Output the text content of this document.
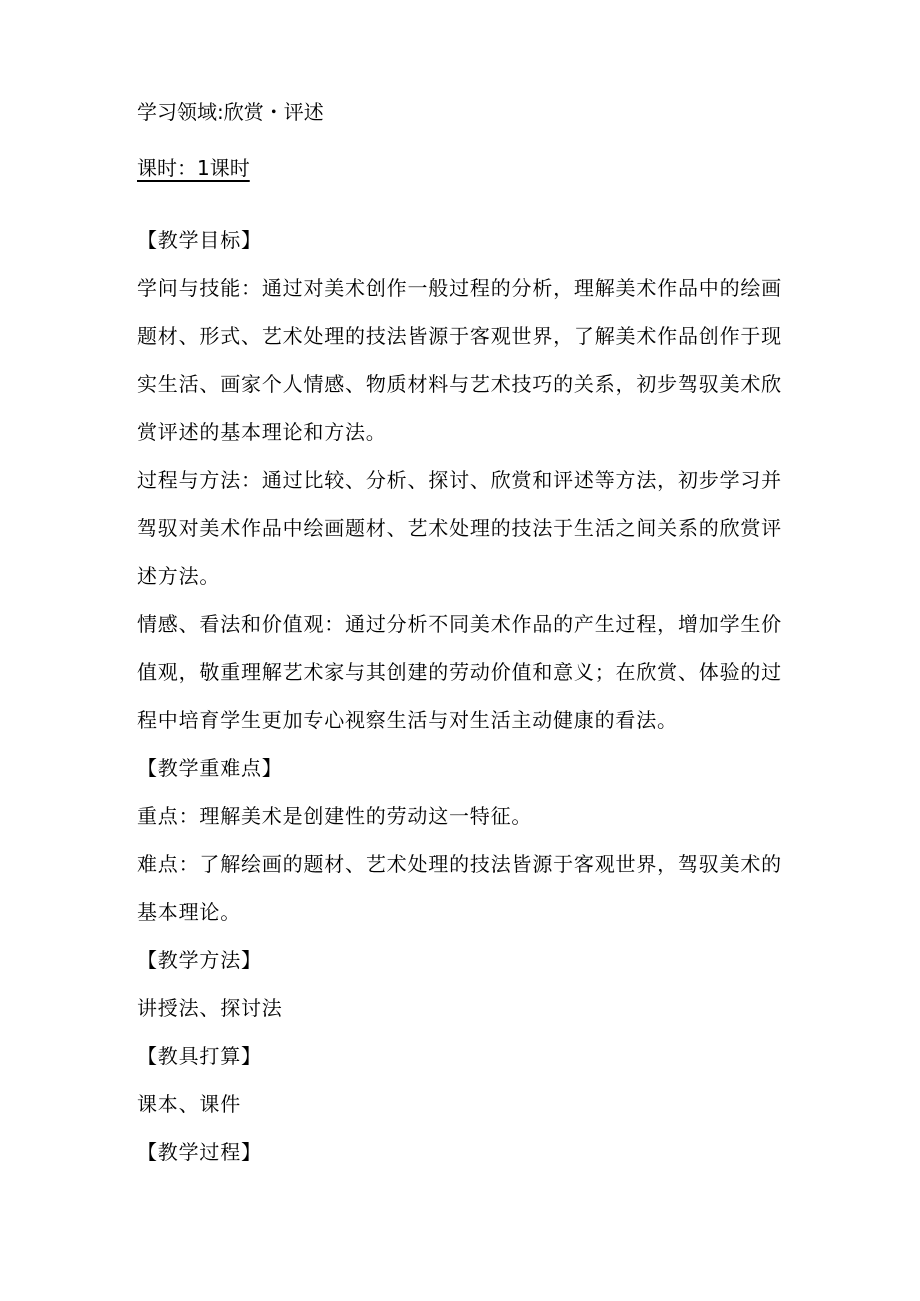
学习领域:欣赏・评述

课时：1课时

【教学目标】

学问与技能：通过对美术创作一般过程的分析，理解美术作品中的绘画题材、形式、艺术处理的技法皆源于客观世界，了解美术作品创作于现实生活、画家个人情感、物质材料与艺术技巧的关系，初步驾驭美术欣赏评述的基本理论和方法。

过程与方法：通过比较、分析、探讨、欣赏和评述等方法，初步学习并驾驭对美术作品中绘画题材、艺术处理的技法于生活之间关系的欣赏评述方法。

情感、看法和价值观：通过分析不同美术作品的产生过程，增加学生价值观，敬重理解艺术家与其创建的劳动价值和意义；在欣赏、体验的过程中培育学生更加专心视察生活与对生活主动健康的看法。

【教学重难点】

重点：理解美术是创建性的劳动这一特征。

难点：了解绘画的题材、艺术处理的技法皆源于客观世界，驾驭美术的基本理论。

【教学方法】

讲授法、探讨法

【教具打算】

课本、课件

【教学过程】
